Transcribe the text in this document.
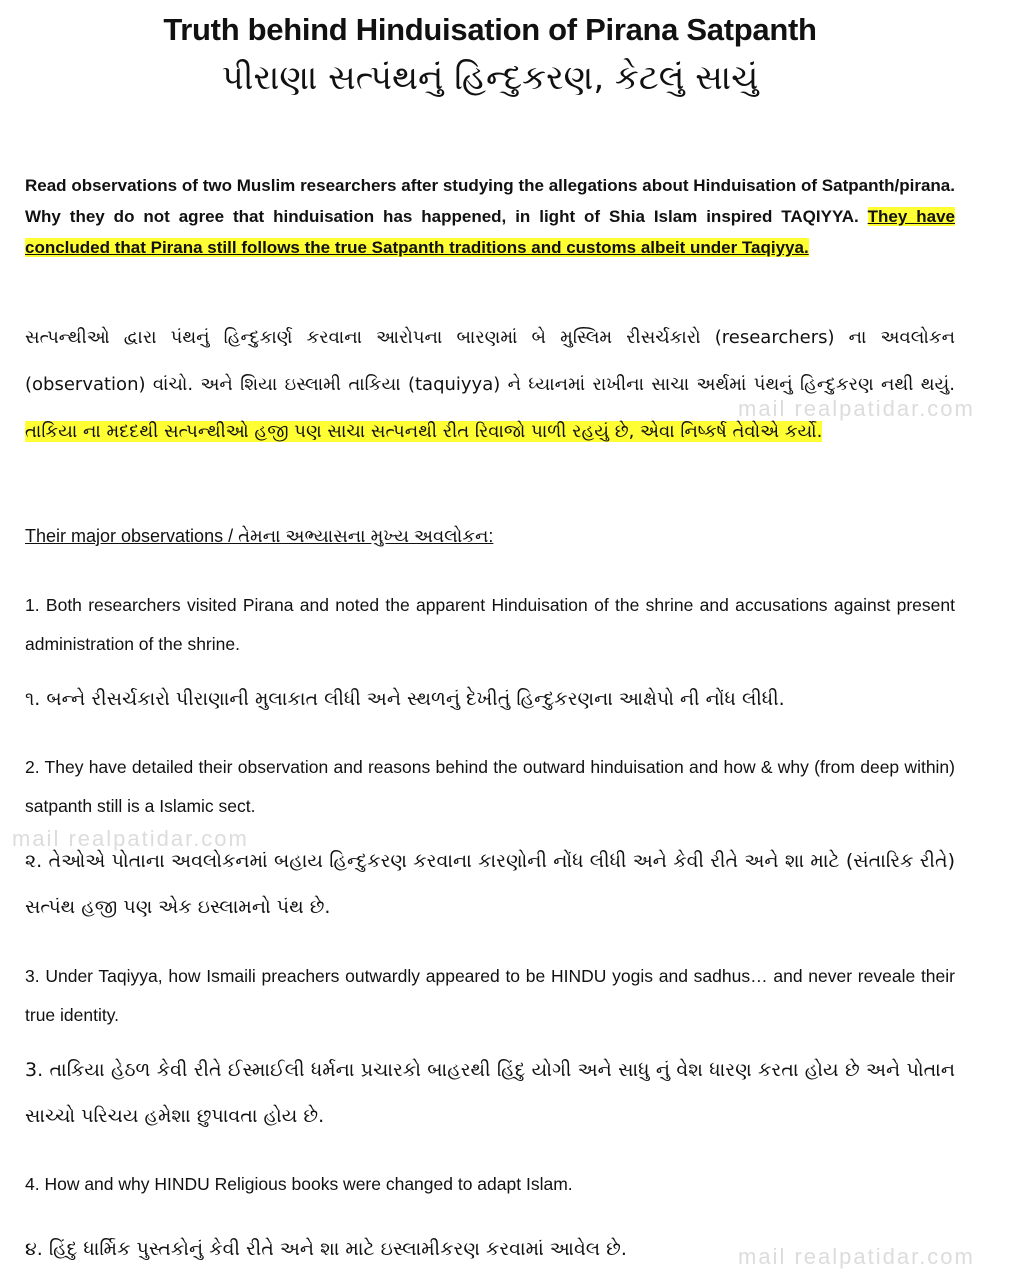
Truth behind Hinduisation of Pirana Satpanth
પીરાણા સત્પંથનું હિન્દુકરણ, કેટલું સાચું
Read observations of two Muslim researchers after studying the allegations about Hinduisation of Satpanth/pirana. Why they do not agree that hinduisation has happened, in light of Shia Islam inspired TAQIYYA. They have concluded that Pirana still follows the true Satpanth traditions and customs albeit under Taqiyya.
સત્પન્થીઓ દ્વારા પંથનું હિન્દુકાર્ણ કરવાના આરોપના બારણમાં બે મુસ્લિમ રીસર્ચકારો (researchers) ના અવલોકન (observation) વાંચો. અને શિયા ઇસ્લામી તાકિયા (taquiyya) ને ધ્યાનમાં રાખીના સાચા અર્થમાં પંથનું હિન્દુકરણ નથી થયું. તાકિયા ના મદદથી સત્પન્થીઓ હજી પણ સાચા સત્પનથી રીત રિવાજો પાળી રહયું છે, એવા નિષ્કર્ષ તેવોએ કર્યો.
Their major observations / તેમના અભ્યાસના મુખ્ય અવલોકન:
1. Both researchers visited Pirana and noted the apparent Hinduisation of the shrine and accusations against present administration of the shrine.
૧. બન્ને રીસર્ચકારો પીરાણાની મુલાકાત લીધી અને સ્થળનું દેખીતું હિન્દુકરણના આક્ષેપો ની નોંધ લીધી.
2. They have detailed their observation and reasons behind the outward hinduisation and how & why (from deep within) satpanth still is a Islamic sect.
૨. તેઓએ પોતાના અવલોકનમાં બહાય હિન્દુકરણ કરવાના કારણોની નોંધ લીધી અને કેવી રીતે અને શા માટે (સંતારિક રીતે) સત્પંથ હજી પણ એક ઇસ્લામનો પંથ છે.
3. Under Taqiyya, how Ismaili preachers outwardly appeared to be HINDU yogis and sadhus… and never reveale their true identity.
3. તાકિયા હેઠળ કેવી રીતે ઈસ્માઈલી ધર્મના પ્રચારકો બાહરથી હિંદુ યોગી અને સાધુ નું વેશ ધારણ કરતા હોય છે અને પોતાન સાચ્ચો પરિચય હમેશા છુપાવતા હોય છે.
4. How and why HINDU Religious books were changed to adapt Islam.
૪. હિંદુ ધાર્મિક પુસ્તકોનું કેવી રીતે અને શા માટે ઇસ્લામીકરણ કરવામાં આવેલ છે.
mail realpatidar.com
mail realpatidar.com
mail realpatidar.com
